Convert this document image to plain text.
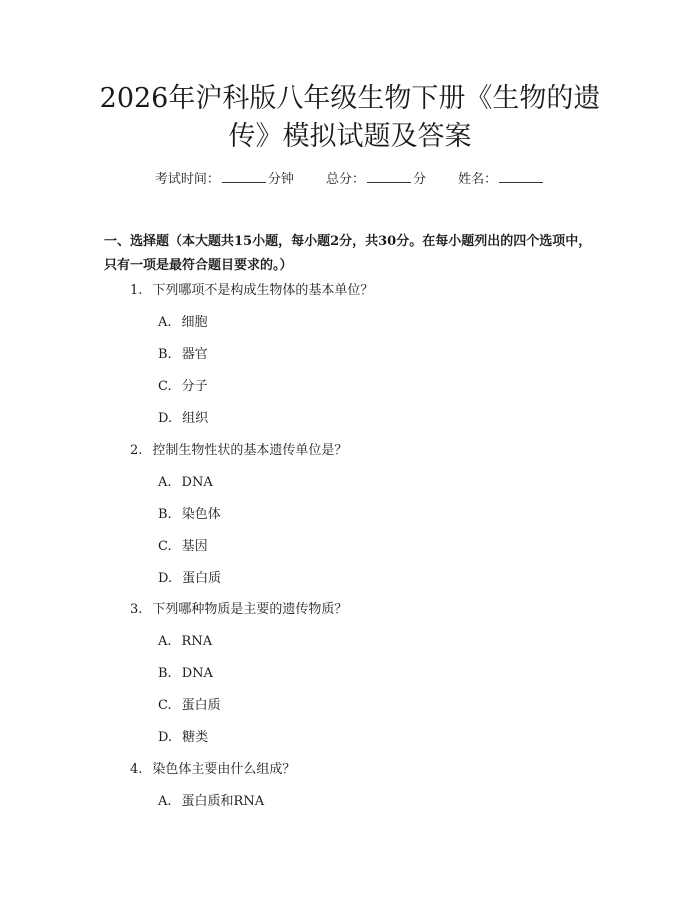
2026年沪科版八年级生物下册《生物的遗
传》模拟试题及答案
考试时间：	分钟 总分：	分 姓名：

一、选择题（本大题共15小题，每小题2分，共30分。在每小题列出的四个选项中，只有一项是最符合题目要求的。）

1. 下列哪项不是构成生物体的基本单位？
A. 细胞
B. 器官
C. 分子
D. 组织
2. 控制生物性状的基本遗传单位是？
A. DNA
B. 染色体
C. 基因
D. 蛋白质
3. 下列哪种物质是主要的遗传物质？
A. RNA
B. DNA
C. 蛋白质
D. 糖类
4. 染色体主要由什么组成？
A. 蛋白质和RNA
